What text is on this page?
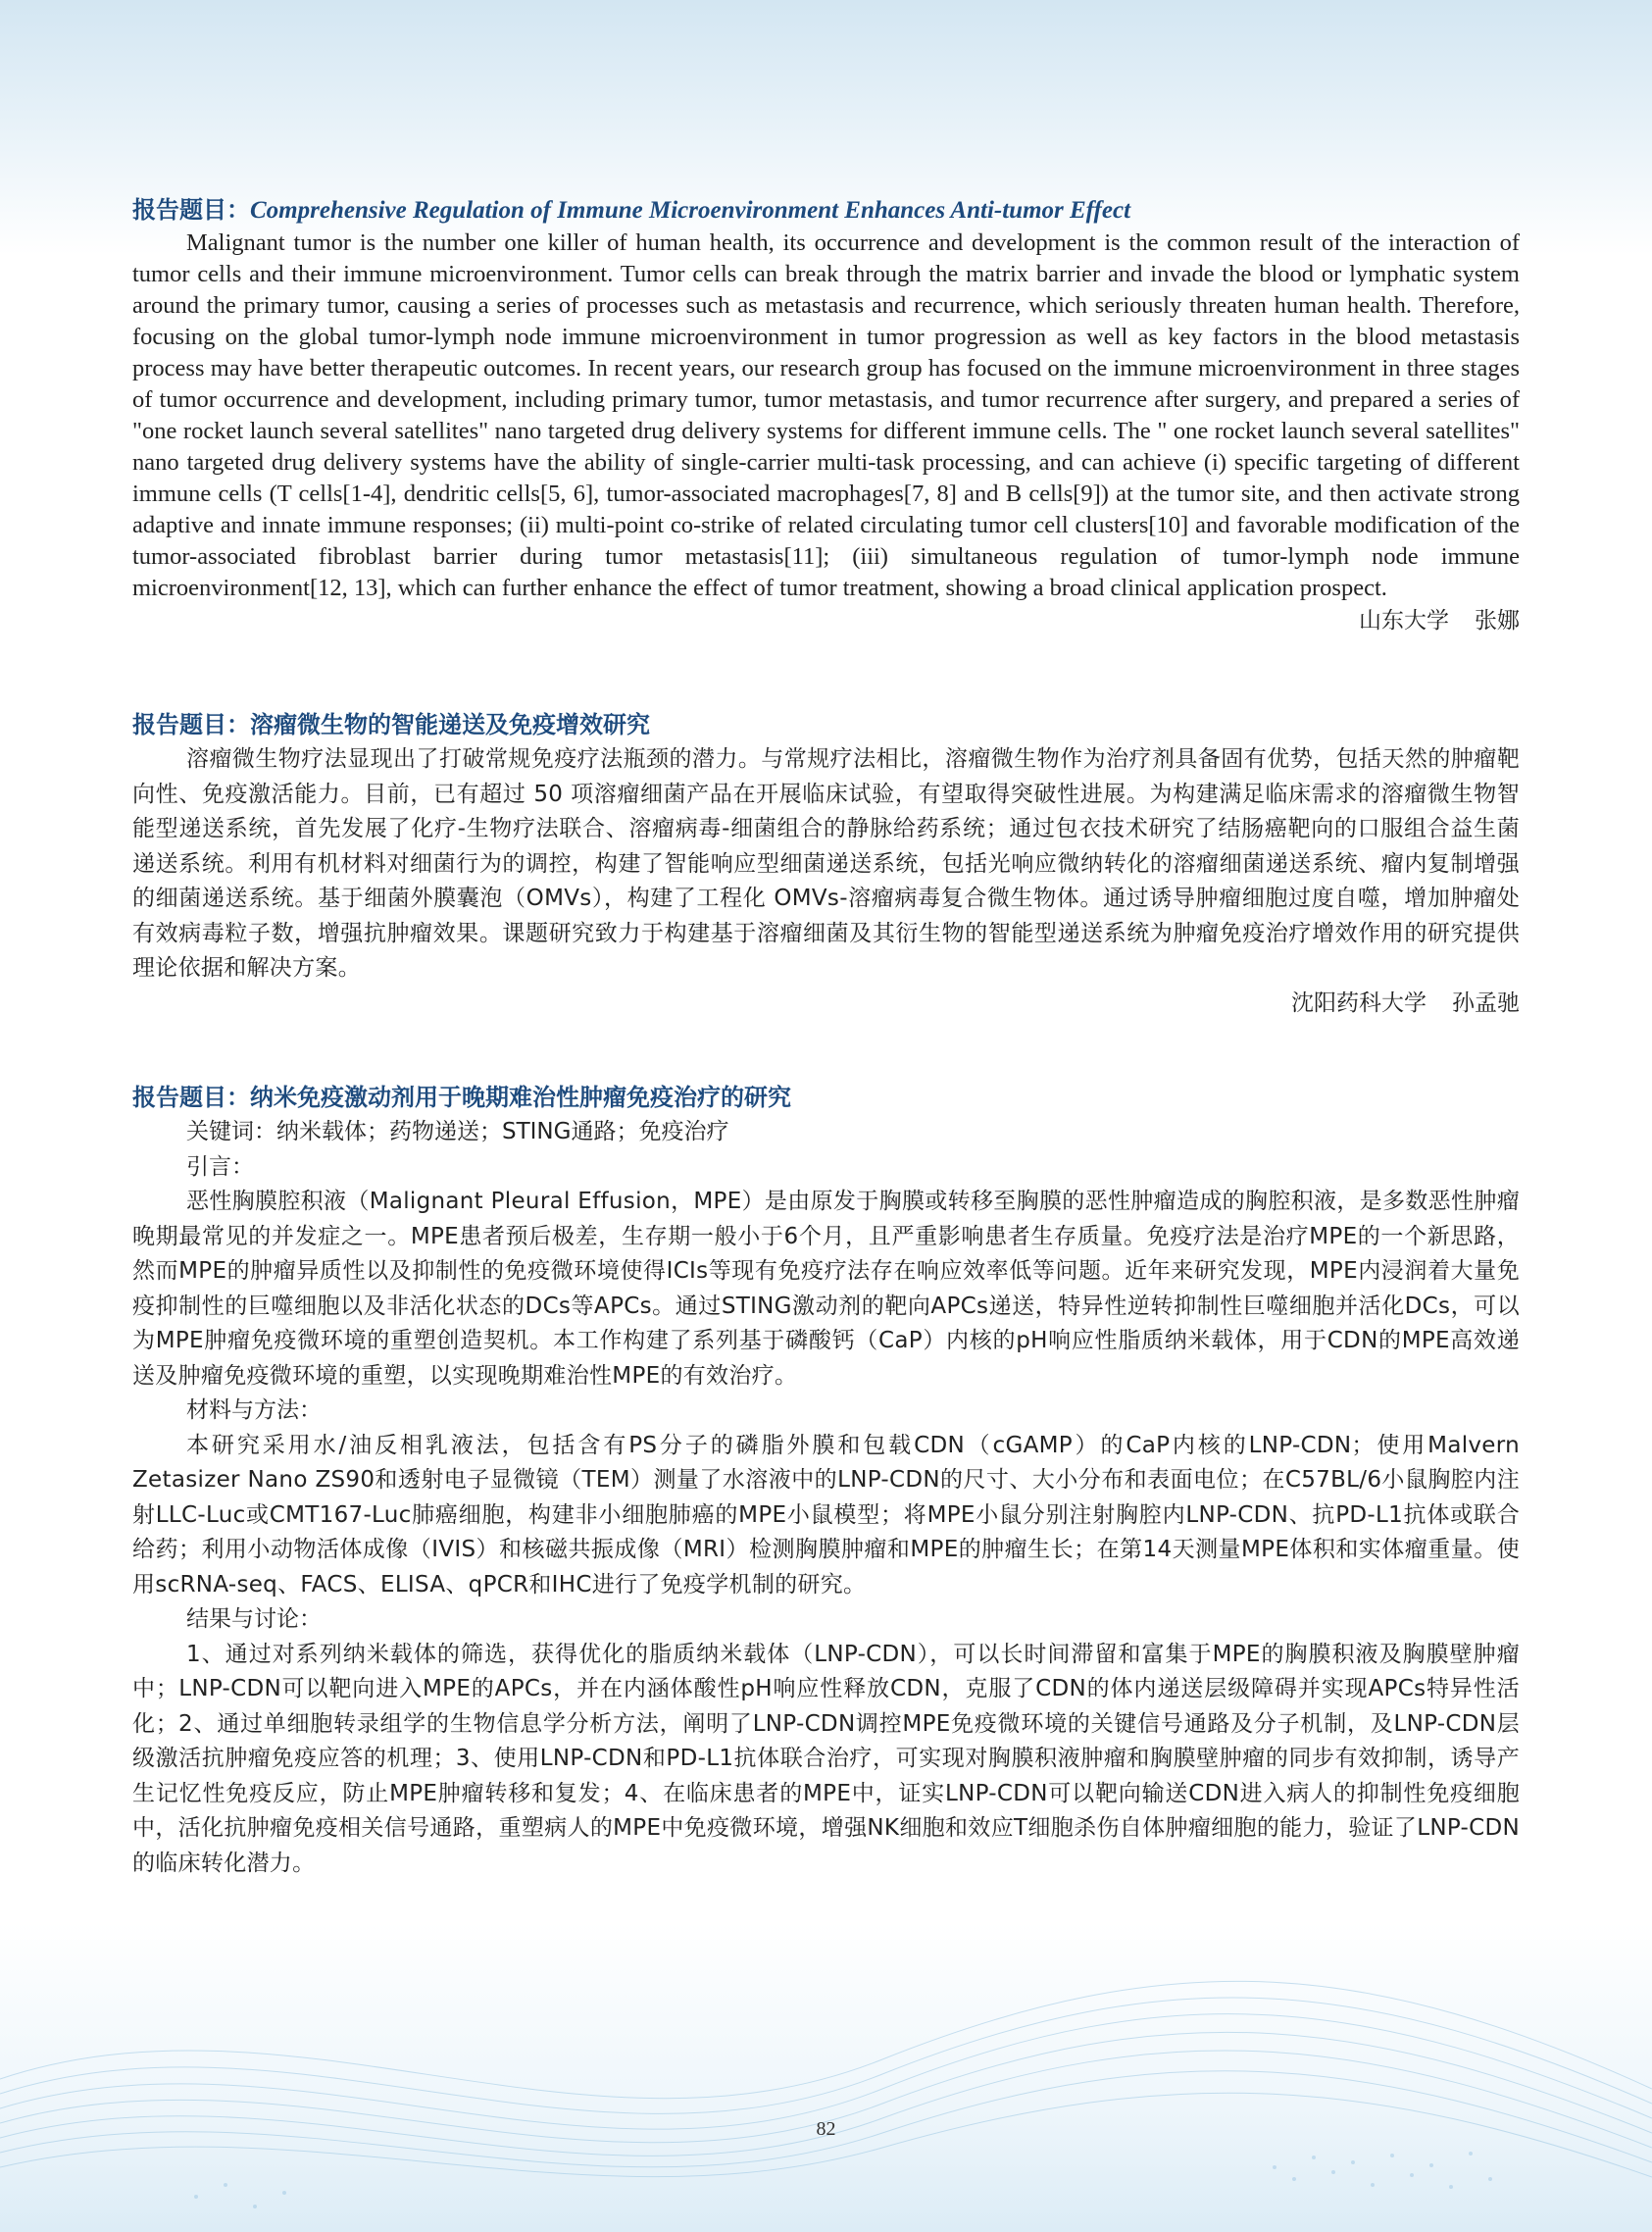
报告题目：Comprehensive Regulation of Immune Microenvironment Enhances Anti-tumor Effect

Malignant tumor is the number one killer of human health, its occurrence and development is the common result of the interaction of tumor cells and their immune microenvironment. Tumor cells can break through the matrix barrier and invade the blood or lymphatic system around the primary tumor, causing a series of processes such as metastasis and recurrence, which seriously threaten human health. Therefore, focusing on the global tumor-lymph node immune microenvironment in tumor progression as well as key factors in the blood metastasis process may have better therapeutic outcomes. In recent years, our research group has focused on the immune microenvironment in three stages of tumor occurrence and development, including primary tumor, tumor metastasis, and tumor recurrence after surgery, and prepared a series of "one rocket launch several satellites" nano targeted drug delivery systems for different immune cells. The " one rocket launch several satellites" nano targeted drug delivery systems have the ability of single-carrier multi-task processing, and can achieve (i) specific targeting of different immune cells (T cells[1-4], dendritic cells[5, 6], tumor-associated macrophages[7, 8] and B cells[9]) at the tumor site, and then activate strong adaptive and innate immune responses; (ii) multi-point co-strike of related circulating tumor cell clusters[10] and favorable modification of the tumor-associated fibroblast barrier during tumor metastasis[11]; (iii) simultaneous regulation of tumor-lymph node immune microenvironment[12, 13], which can further enhance the effect of tumor treatment, showing a broad clinical application prospect.

山东大学 张娜

报告题目：溶瘤微生物的智能递送及免疫增效研究

溶瘤微生物疗法显现出了打破常规免疫疗法瓶颈的潜力。与常规疗法相比，溶瘤微生物作为治疗剂具备固有优势，包括天然的肿瘤靶向性、免疫激活能力。目前，已有超过 50 项溶瘤细菌产品在开展临床试验，有望取得突破性进展。为构建满足临床需求的溶瘤微生物智能型递送系统，首先发展了化疗-生物疗法联合、溶瘤病毒-细菌组合的静脉给药系统；通过包衣技术研究了结肠癌靶向的口服组合益生菌递送系统。利用有机材料对细菌行为的调控，构建了智能响应型细菌递送系统，包括光响应微纳转化的溶瘤细菌递送系统、瘤内复制增强的细菌递送系统。基于细菌外膜囊泡（OMVs），构建了工程化 OMVs-溶瘤病毒复合微生物体。通过诱导肿瘤细胞过度自噬，增加肿瘤处有效病毒粒子数，增强抗肿瘤效果。课题研究致力于构建基于溶瘤细菌及其衍生物的智能型递送系统为肿瘤免疫治疗增效作用的研究提供理论依据和解决方案。

沈阳药科大学 孙孟驰

报告题目：纳米免疫激动剂用于晚期难治性肿瘤免疫治疗的研究

关键词：纳米载体；药物递送；STING通路；免疫治疗

引言：

恶性胸膜腔积液（Malignant Pleural Effusion，MPE）是由原发于胸膜或转移至胸膜的恶性肿瘤造成的胸腔积液，是多数恶性肿瘤晚期最常见的并发症之一。MPE患者预后极差，生存期一般小于6个月，且严重影响患者生存质量。免疫疗法是治疗MPE的一个新思路，然而MPE的肿瘤异质性以及抑制性的免疫微环境使得ICIs等现有免疫疗法存在响应效率低等问题。近年来研究发现，MPE内浸润着大量免疫抑制性的巨噬细胞以及非活化状态的DCs等APCs。通过STING激动剂的靶向APCs递送，特异性逆转抑制性巨噬细胞并活化DCs，可以为MPE肿瘤免疫微环境的重塑创造契机。本工作构建了系列基于磷酸钙（CaP）内核的pH响应性脂质纳米载体，用于CDN的MPE高效递送及肿瘤免疫微环境的重塑，以实现晚期难治性MPE的有效治疗。

材料与方法：

本研究采用水/油反相乳液法，包括含有PS分子的磷脂外膜和包载CDN（cGAMP）的CaP内核的LNP-CDN；使用Malvern Zetasizer Nano ZS90和透射电子显微镜（TEM）测量了水溶液中的LNP-CDN的尺寸、大小分布和表面电位；在C57BL/6小鼠胸腔内注射LLC-Luc或CMT167-Luc肺癌细胞，构建非小细胞肺癌的MPE小鼠模型；将MPE小鼠分别注射胸腔内LNP-CDN、抗PD-L1抗体或联合给药；利用小动物活体成像（IVIS）和核磁共振成像（MRI）检测胸膜肿瘤和MPE的肿瘤生长；在第14天测量MPE体积和实体瘤重量。使用scRNA-seq、FACS、ELISA、qPCR和IHC进行了免疫学机制的研究。

结果与讨论：

1、通过对系列纳米载体的筛选，获得优化的脂质纳米载体（LNP-CDN），可以长时间滞留和富集于MPE的胸膜积液及胸膜壁肿瘤中；LNP-CDN可以靶向进入MPE的APCs，并在内涵体酸性pH响应性释放CDN，克服了CDN的体内递送层级障碍并实现APCs特异性活化；2、通过单细胞转录组学的生物信息学分析方法，阐明了LNP-CDN调控MPE免疫微环境的关键信号通路及分子机制，及LNP-CDN层级激活抗肿瘤免疫应答的机理；3、使用LNP-CDN和PD-L1抗体联合治疗，可实现对胸膜积液肿瘤和胸膜壁肿瘤的同步有效抑制，诱导产生记忆性免疫反应，防止MPE肿瘤转移和复发；4、在临床患者的MPE中，证实LNP-CDN可以靶向输送CDN进入病人的抑制性免疫细胞中，活化抗肿瘤免疫相关信号通路，重塑病人的MPE中免疫微环境，增强NK细胞和效应T细胞杀伤自体肿瘤细胞的能力，验证了LNP-CDN的临床转化潜力。

82
